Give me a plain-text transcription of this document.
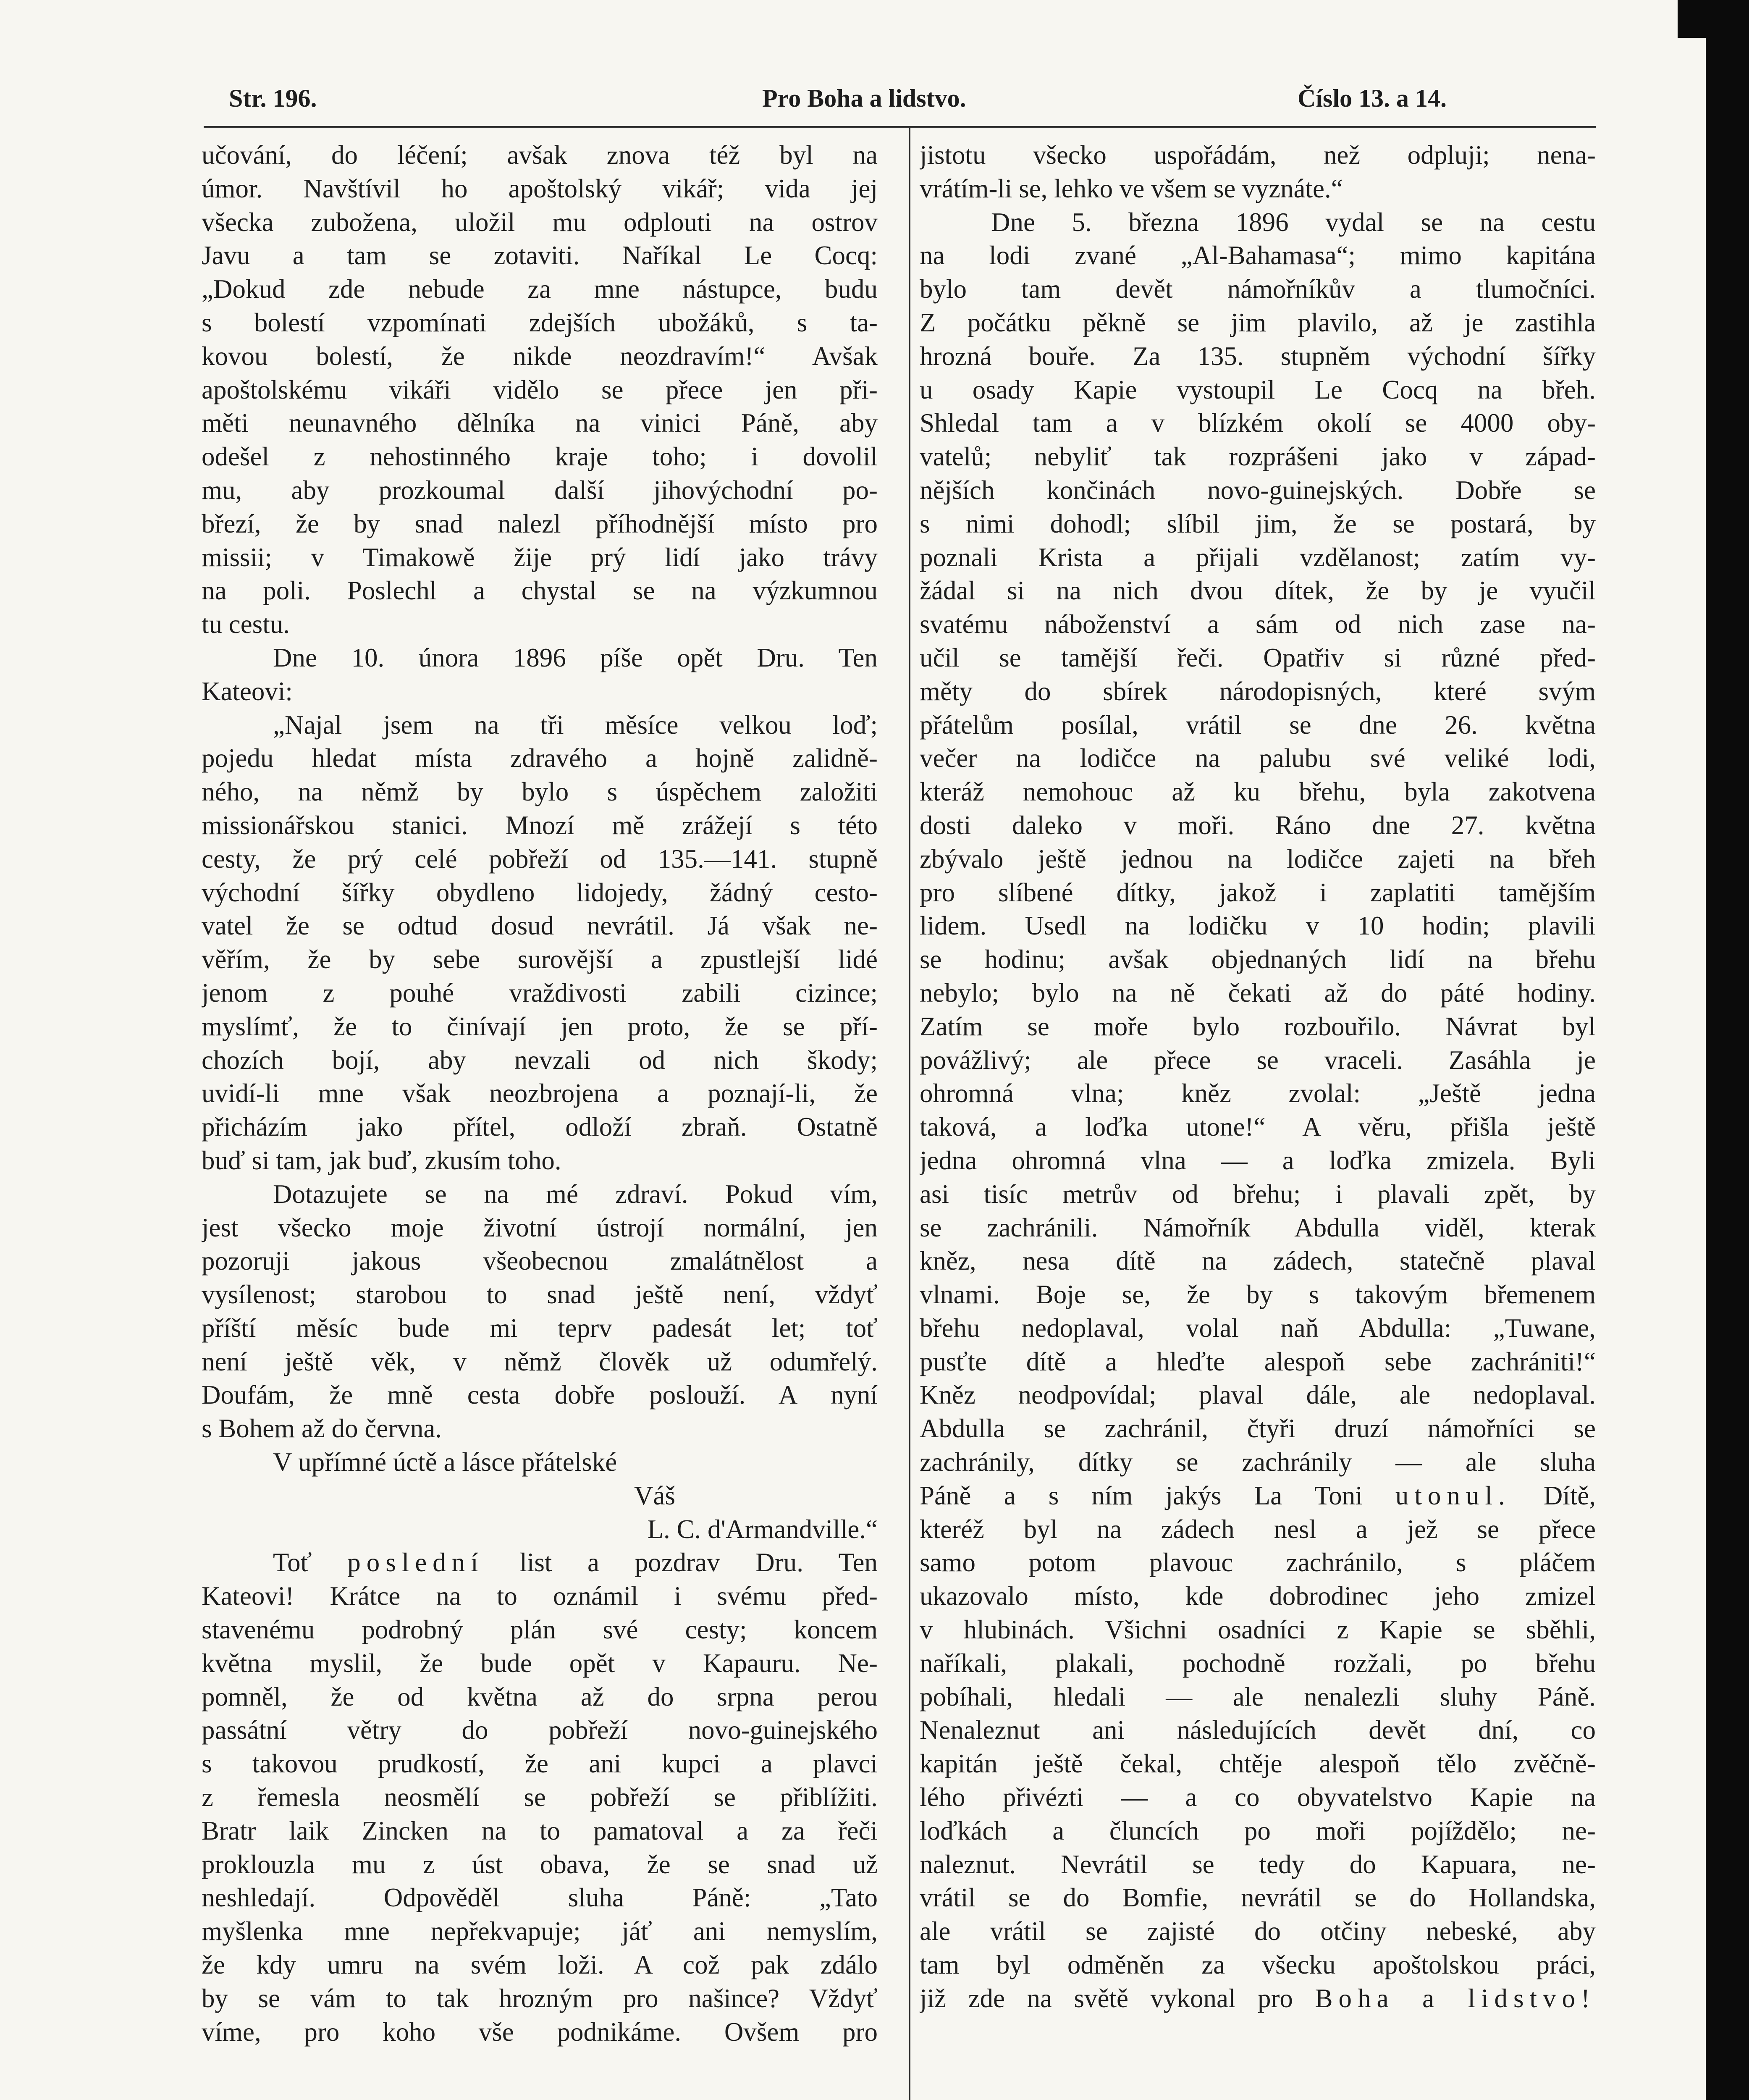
Str. 196.	Pro Boha a lidstvo.	Číslo 13. a 14.

učování, do léčení; avšak znova též byl na

úmor. Navštívil ho apoštolský vikář; vida jej

všecka zubožena, uložil mu odplouti na ostrov

Javu a tam se zotaviti. Naříkal Le Cocq:

„Dokud zde nebude za mne nástupce, budu

s bolestí vzpomínati zdejších ubožáků, s ta-

kovou bolestí, že nikde neozdravím!“ Avšak

apoštolskému vikáři vidělo se přece jen při-

měti neunavného dělníka na vinici Páně, aby

odešel z nehostinného kraje toho; i dovolil

mu, aby prozkoumal další jihovýchodní po-

březí, že by snad nalezl příhodnější místo pro

missii; v Timakowě žije prý lidí jako trávy

na poli. Poslechl a chystal se na výzkumnou

tu cestu.

Dne 10. února 1896 píše opět Dru. Ten

Kateovi:

„Najal jsem na tři měsíce velkou loď;

pojedu hledat místa zdravého a hojně zalidně-

ného, na němž by bylo s úspěchem založiti

missionářskou stanici. Mnozí mě zrážejí s této

cesty, že prý celé pobřeží od 135.—141. stupně

východní šířky obydleno lidojedy, žádný cesto-

vatel že se odtud dosud nevrátil. Já však ne-

věřím, že by sebe surovější a zpustlejší lidé

jenom z pouhé vraždivosti zabili cizince;

myslímť, že to činívají jen proto, že se pří-

chozích bojí, aby nevzali od nich škody;

uvidí-li mne však neozbrojena a poznají-li, že

přicházím jako přítel, odloží zbraň. Ostatně

buď si tam, jak buď, zkusím toho.

Dotazujete se na mé zdraví. Pokud vím,

jest všecko moje životní ústrojí normální, jen

pozoruji jakous všeobecnou zmalátnělost a

vysílenost; starobou to snad ještě není, vždyť

příští měsíc bude mi teprv padesát let; toť

není ještě věk, v němž člověk už odumřelý.

Doufám, že mně cesta dobře poslouží. A nyní

s Bohem až do června.

V upřímné úctě a lásce přátelské

Váš

L. C. d'Armandville.“

Toť poslední list a pozdrav Dru. Ten

Kateovi! Krátce na to oznámil i svému před-

stavenému podrobný plán své cesty; koncem

května myslil, že bude opět v Kapauru. Ne-

pomněl, že od května až do srpna perou

passátní větry do pobřeží novo-guinejského

s takovou prudkostí, že ani kupci a plavci

z řemesla neosmělí se pobřeží se přiblížiti.

Bratr laik Zincken na to pamatoval a za řeči

proklouzla mu z úst obava, že se snad už

neshledají. Odpověděl sluha Páně: „Tato

myšlenka mne nepřekvapuje; jáť ani nemyslím,

že kdy umru na svém loži. A což pak zdálo

by se vám to tak hrozným pro našince? Vždyť

víme, pro koho vše podnikáme. Ovšem pro

jistotu všecko uspořádám, než odpluji; nena-

vrátím-li se, lehko ve všem se vyznáte.“

Dne 5. března 1896 vydal se na cestu

na lodi zvané „Al-Bahamasa“; mimo kapitána

bylo tam devět námořníkův a tlumočníci.

Z počátku pěkně se jim plavilo, až je zastihla

hrozná bouře. Za 135. stupněm východní šířky

u osady Kapie vystoupil Le Cocq na břeh.

Shledal tam a v blízkém okolí se 4000 oby-

vatelů; nebyliť tak rozprášeni jako v západ-

nějších končinách novo-guinejských. Dobře se

s nimi dohodl; slíbil jim, že se postará, by

poznali Krista a přijali vzdělanost; zatím vy-

žádal si na nich dvou dítek, že by je vyučil

svatému náboženství a sám od nich zase na-

učil se tamější řeči. Opatřiv si různé před-

měty do sbírek národopisných, které svým

přátelům posílal, vrátil se dne 26. května

večer na lodičce na palubu své veliké lodi,

kteráž nemohouc až ku břehu, byla zakotvena

dosti daleko v moři. Ráno dne 27. května

zbývalo ještě jednou na lodičce zajeti na břeh

pro slíbené dítky, jakož i zaplatiti tamějším

lidem. Usedl na lodičku v 10 hodin; plavili

se hodinu; avšak objednaných lidí na břehu

nebylo; bylo na ně čekati až do páté hodiny.

Zatím se moře bylo rozbouřilo. Návrat byl

povážlivý; ale přece se vraceli. Zasáhla je

ohromná vlna; kněz zvolal: „Ještě jedna

taková, a loďka utone!“ A věru, přišla ještě

jedna ohromná vlna — a loďka zmizela. Byli

asi tisíc metrův od břehu; i plavali zpět, by

se zachránili. Námořník Abdulla viděl, kterak

kněz, nesa dítě na zádech, statečně plaval

vlnami. Boje se, že by s takovým břemenem

břehu nedoplaval, volal naň Abdulla: „Tuwane,

pusťte dítě a hleďte alespoň sebe zachrániti!“

Kněz neodpovídal; plaval dále, ale nedoplaval.

Abdulla se zachránil, čtyři druzí námořníci se

zachránily, dítky se zachránily — ale sluha

Páně a s ním jakýs La Toni utonul. Dítě,

kteréž byl na zádech nesl a jež se přece

samo potom plavouc zachránilo, s pláčem

ukazovalo místo, kde dobrodinec jeho zmizel

v hlubinách. Všichni osadníci z Kapie se sběhli,

naříkali, plakali, pochodně rozžali, po břehu

pobíhali, hledali — ale nenalezli sluhy Páně.

Nenaleznut ani následujících devět dní, co

kapitán ještě čekal, chtěje alespoň tělo zvěčně-

lého přivézti — a co obyvatelstvo Kapie na

loďkách a čluncích po moři pojíždělo; ne-

naleznut. Nevrátil se tedy do Kapuara, ne-

vrátil se do Bomfie, nevrátil se do Hollandska,

ale vrátil se zajisté do otčiny nebeské, aby

tam byl odměněn za všecku apoštolskou práci,

již zde na světě vykonal pro Boha a lidstvo!
